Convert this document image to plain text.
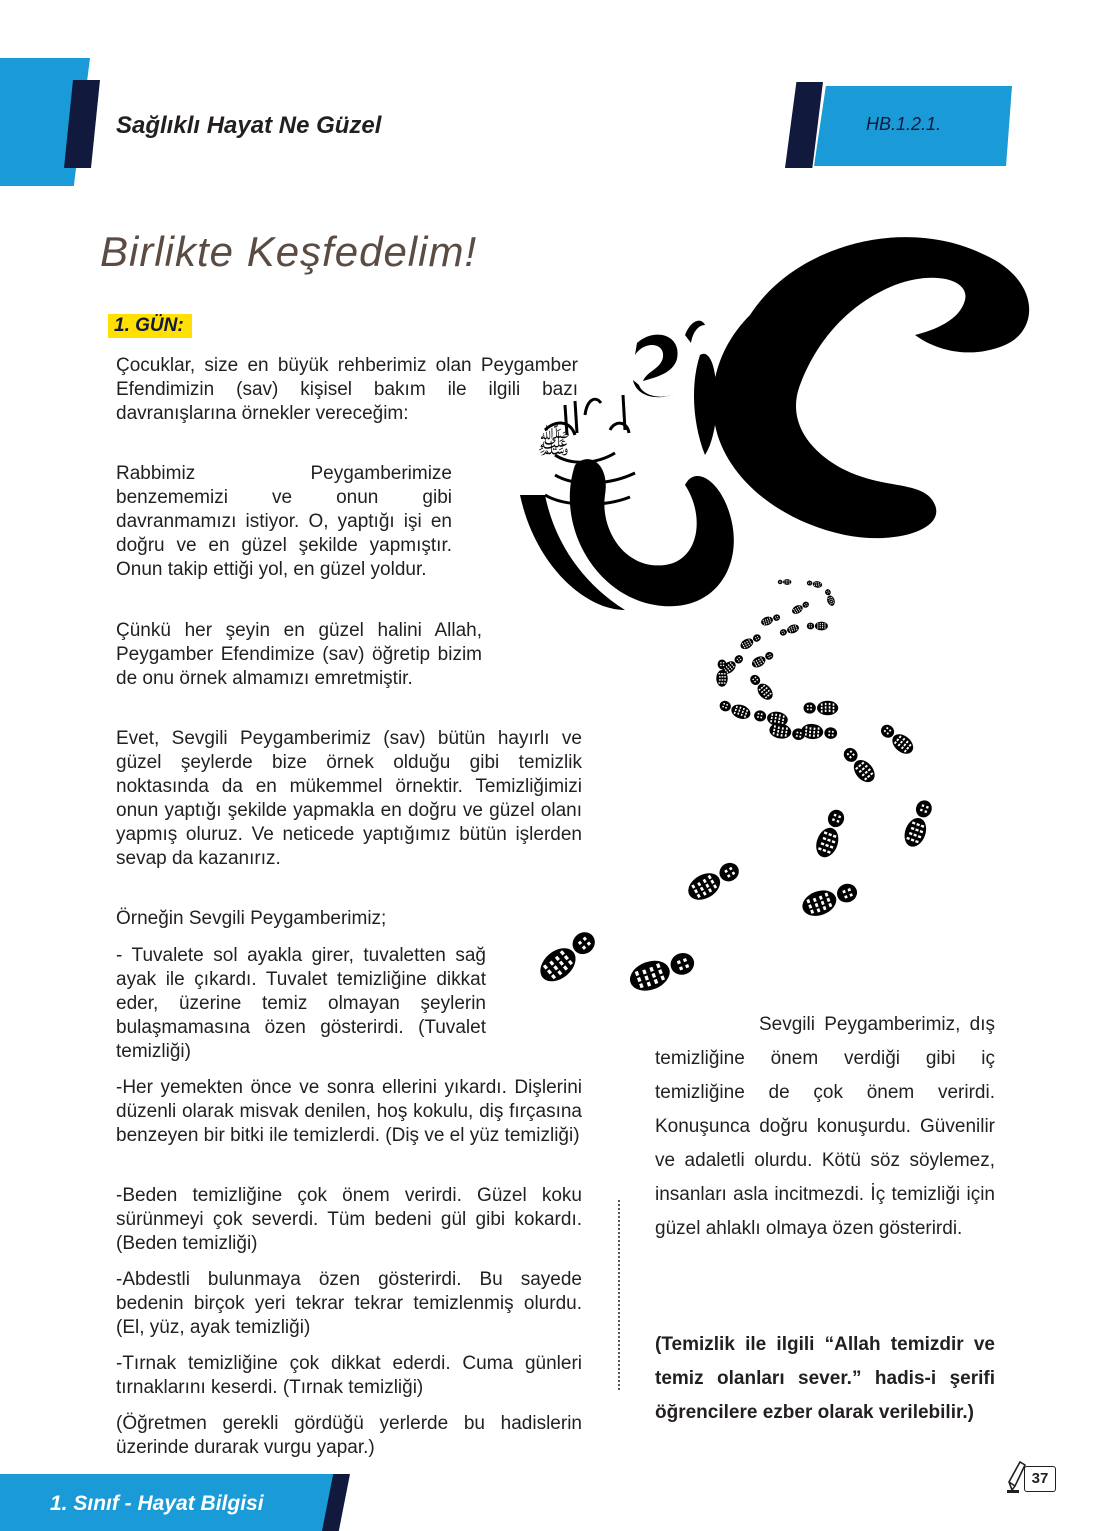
Sağlıklı Hayat Ne Güzel	HB.1.2.1.
Birlikte Keşfedelim!
1. GÜN:
Çocuklar, size en büyük rehberimiz olan Peygamber Efendimizin (sav) kişisel bakım ile ilgili bazı davranışlarına örnekler vereceğim:
Rabbimiz Peygamberimize benzememizi ve onun gibi davranmamızı istiyor. O, yaptığı işi en doğru ve en güzel şekilde yapmıştır. Onun takip ettiği yol, en güzel yoldur.
Çünkü her şeyin en güzel halini Allah, Peygamber Efendimize (sav) öğretip bizim de onu örnek almamızı emretmiştir.
Evet, Sevgili Peygamberimiz (sav) bütün hayırlı ve güzel şeylerde bize örnek olduğu gibi temizlik noktasında da en mükemmel örnektir. Temizliğimizi onun yaptığı şekilde yapmakla en doğru ve güzel olanı yapmış oluruz. Ve neticede yaptığımız bütün işlerden sevap da kazanırız.
Örneğin Sevgili Peygamberimiz;
- Tuvalete sol ayakla girer, tuvaletten sağ ayak ile çıkardı. Tuvalet temizliğine dikkat eder, üzerine temiz olmayan şeylerin bulaşmamasına özen gösterirdi. (Tuvalet temizliği)
-Her yemekten önce ve sonra ellerini yıkardı. Dişlerini düzenli olarak misvak denilen, hoş kokulu, diş fırçasına benzeyen bir bitki ile temizlerdi. (Diş ve el yüz temizliği)
-Beden temizliğine çok önem verirdi. Güzel koku sürünmeyi çok severdi. Tüm bedeni gül gibi kokardı. (Beden temizliği)
-Abdestli bulunmaya özen gösterirdi. Bu sayede bedenin birçok yeri tekrar tekrar temizlenmiş olurdu. (El, yüz, ayak temizliği)
-Tırnak temizliğine çok dikkat ederdi. Cuma günleri tırnaklarını keserdi. (Tırnak temizliği)
(Öğretmen gerekli gördüğü yerlerde bu hadislerin üzerinde durarak vurgu yapar.)
ﷺ
Sevgili Peygamberimiz, dış temizliğine önem verdiği gibi iç temizliğine de çok önem verirdi. Konuşunca doğru konuşurdu. Güvenilir ve adaletli olurdu. Kötü söz söylemez, insanları asla incitmezdi. İç temizliği için güzel ahlaklı olmaya özen gösterirdi.
(Temizlik ile ilgili “Allah temizdir ve temiz olanları sever.” hadis-i şerifi öğrencilere ezber olarak verilebilir.)
1. Sınıf - Hayat Bilgisi
37
